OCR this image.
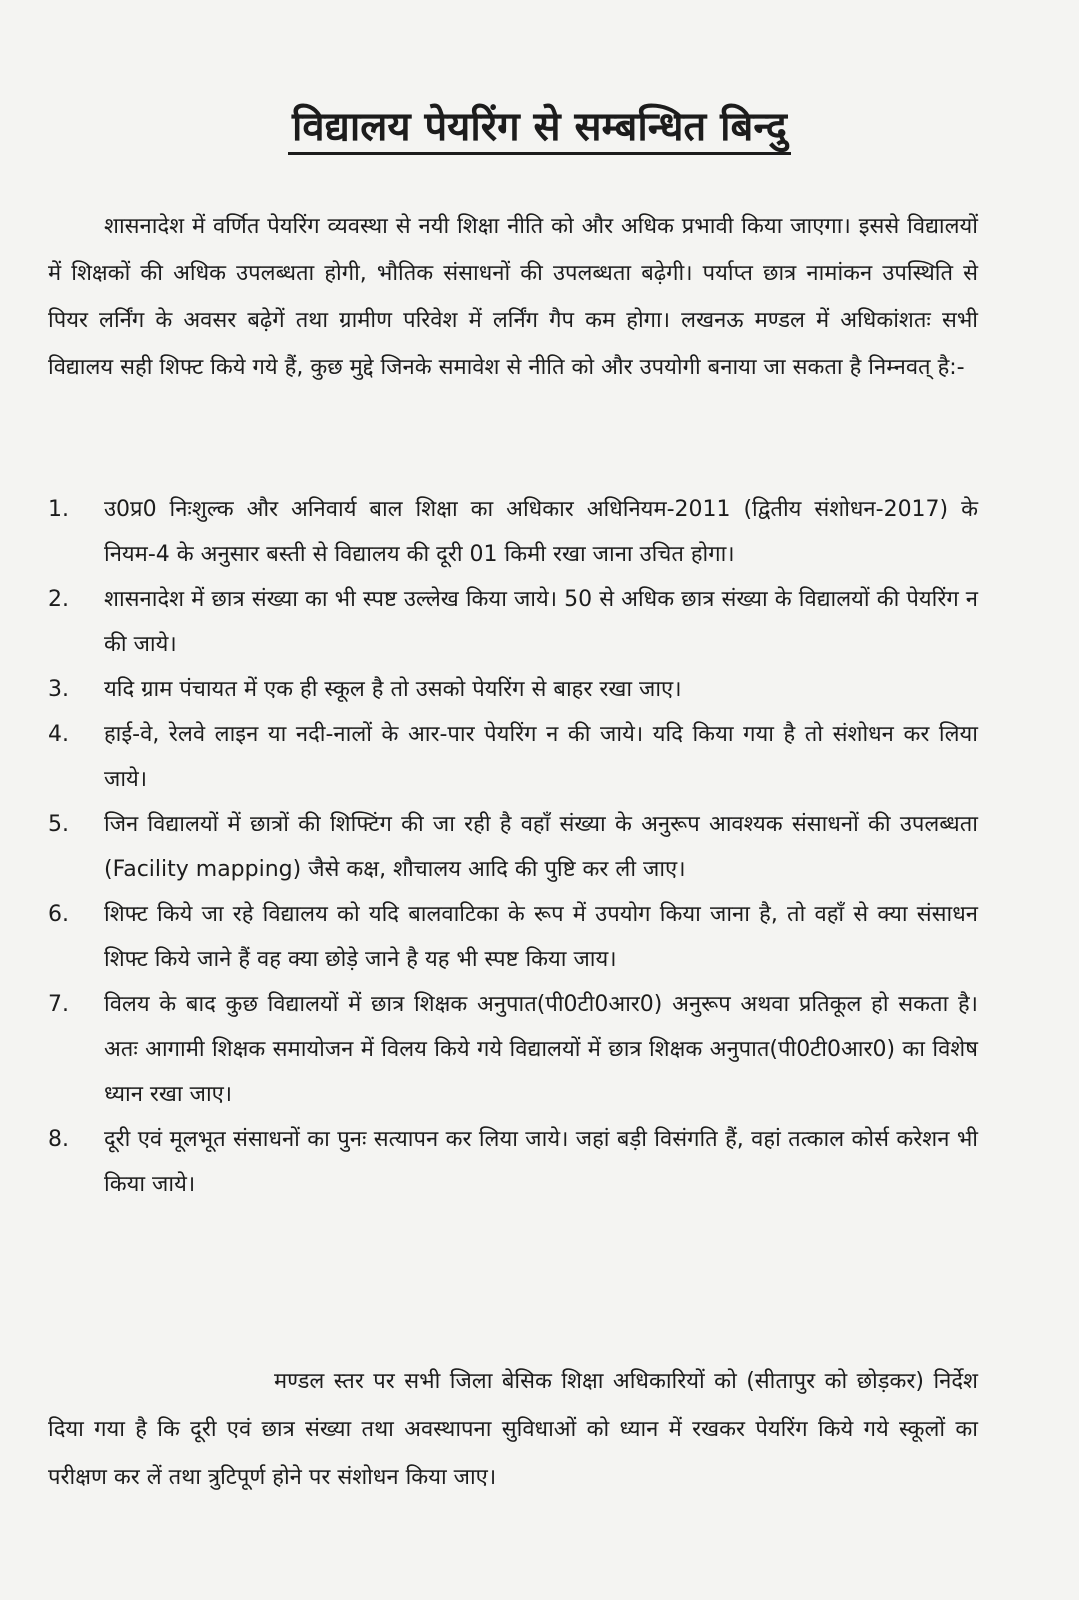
विद्यालय पेयरिंग से सम्बन्धित बिन्दु

शासनादेश में वर्णित पेयरिंग व्यवस्था से नयी शिक्षा नीति को और अधिक प्रभावी किया जाएगा। इससे विद्यालयों में शिक्षकों की अधिक उपलब्धता होगी, भौतिक संसाधनों की उपलब्धता बढ़ेगी। पर्याप्त छात्र नामांकन उपस्थिति से पियर लर्निंग के अवसर बढ़ेगें तथा ग्रामीण परिवेश में लर्निंग गैप कम होगा। लखनऊ मण्डल में अधिकांशतः सभी विद्यालय सही शिफ्ट किये गये हैं, कुछ मुद्दे जिनके समावेश से नीति को और उपयोगी बनाया जा सकता है निम्नवत् है:-

1.	उ0प्र0 निःशुल्क और अनिवार्य बाल शिक्षा का अधिकार अधिनियम-2011 (द्वितीय संशोधन-2017) के नियम-4 के अनुसार बस्ती से विद्यालय की दूरी 01 किमी रखा जाना उचित होगा।
2.	शासनादेश में छात्र संख्या का भी स्पष्ट उल्लेख किया जाये। 50 से अधिक छात्र संख्या के विद्यालयों की पेयरिंग न की जाये।
3.	यदि ग्राम पंचायत में एक ही स्कूल है तो उसको पेयरिंग से बाहर रखा जाए।
4.	हाई-वे, रेलवे लाइन या नदी-नालों के आर-पार पेयरिंग न की जाये। यदि किया गया है तो संशोधन कर लिया जाये।
5.	जिन विद्यालयों में छात्रों की शिफ्टिंग की जा रही है वहाँ संख्या के अनुरूप आवश्यक संसाधनों की उपलब्धता (Facility mapping) जैसे कक्ष, शौचालय आदि की पुष्टि कर ली जाए।
6.	शिफ्ट किये जा रहे विद्यालय को यदि बालवाटिका के रूप में उपयोग किया जाना है, तो वहाँ से क्या संसाधन शिफ्ट किये जाने हैं वह क्या छोड़े जाने है यह भी स्पष्ट किया जाय।
7.	विलय के बाद कुछ विद्यालयों में छात्र शिक्षक अनुपात(पी0टी0आर0) अनुरूप अथवा प्रतिकूल हो सकता है। अतः आगामी शिक्षक समायोजन में विलय किये गये विद्यालयों में छात्र शिक्षक अनुपात(पी0टी0आर0) का विशेष ध्यान रखा जाए।
8.	दूरी एवं मूलभूत संसाधनों का पुनः सत्यापन कर लिया जाये। जहां बड़ी विसंगति हैं, वहां तत्काल कोर्स करेशन भी किया जाये।

मण्डल स्तर पर सभी जिला बेसिक शिक्षा अधिकारियों को (सीतापुर को छोड़कर) निर्देश दिया गया है कि दूरी एवं छात्र संख्या तथा अवस्थापना सुविधाओं को ध्यान में रखकर पेयरिंग किये गये स्कूलों का परीक्षण कर लें तथा त्रुटिपूर्ण होने पर संशोधन किया जाए।
